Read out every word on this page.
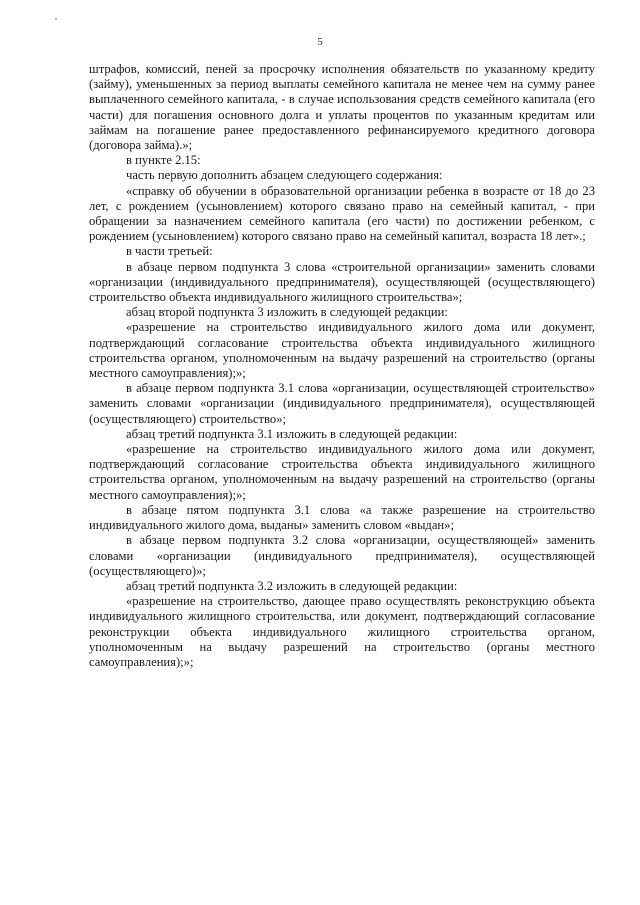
5

штрафов, комиссий, пеней за просрочку исполнения обязательств по указанному кредиту (займу), уменьшенных за период выплаты семейного капитала не менее чем на сумму ранее выплаченного семейного капитала, - в случае использования средств семейного капитала (его части) для погашения основного долга и уплаты процентов по указанным кредитам или займам на погашение ранее предоставленного рефинансируемого кредитного договора (договора займа).»;

в пункте 2.15:

часть первую дополнить абзацем следующего содержания:

«справку об обучении в образовательной организации ребенка в возрасте от 18 до 23 лет, с рождением (усыновлением) которого связано право на семейный капитал, - при обращении за назначением семейного капитала (его части) по достижении ребенком, с рождением (усыновлением) которого связано право на семейный капитал, возраста 18 лет».;

в части третьей:

в абзаце первом подпункта 3 слова «строительной организации» заменить словами «организации (индивидуального предпринимателя), осуществляющей (осуществляющего) строительство объекта индивидуального жилищного строительства»;

абзац второй подпункта 3 изложить в следующей редакции:

«разрешение на строительство индивидуального жилого дома или документ, подтверждающий согласование строительства объекта индивидуального жилищного строительства органом, уполномоченным на выдачу разрешений на строительство (органы местного самоуправления);»;

в абзаце первом подпункта 3.1 слова «организации, осуществляющей строительство» заменить словами «организации (индивидуального предпринимателя), осуществляющей (осуществляющего) строительство»;

абзац третий подпункта 3.1 изложить в следующей редакции:

«разрешение на строительство индивидуального жилого дома или документ, подтверждающий согласование строительства объекта индивидуального жилищного строительства органом, уполномоченным на выдачу разрешений на строительство (органы местного самоуправления);»;

в абзаце пятом подпункта 3.1 слова «а также разрешение на строительство индивидуального жилого дома, выданы» заменить словом «выдан»;

в абзаце первом подпункта 3.2 слова «организации, осуществляющей» заменить словами «организации (индивидуального предпринимателя), осуществляющей (осуществляющего)»;

абзац третий подпункта 3.2 изложить в следующей редакции:

«разрешение на строительство, дающее право осуществлять реконструкцию объекта индивидуального жилищного строительства, или документ, подтверждающий согласование реконструкции объекта индивидуального жилищного строительства органом, уполномоченным на выдачу разрешений на строительство (органы местного самоуправления);»;
